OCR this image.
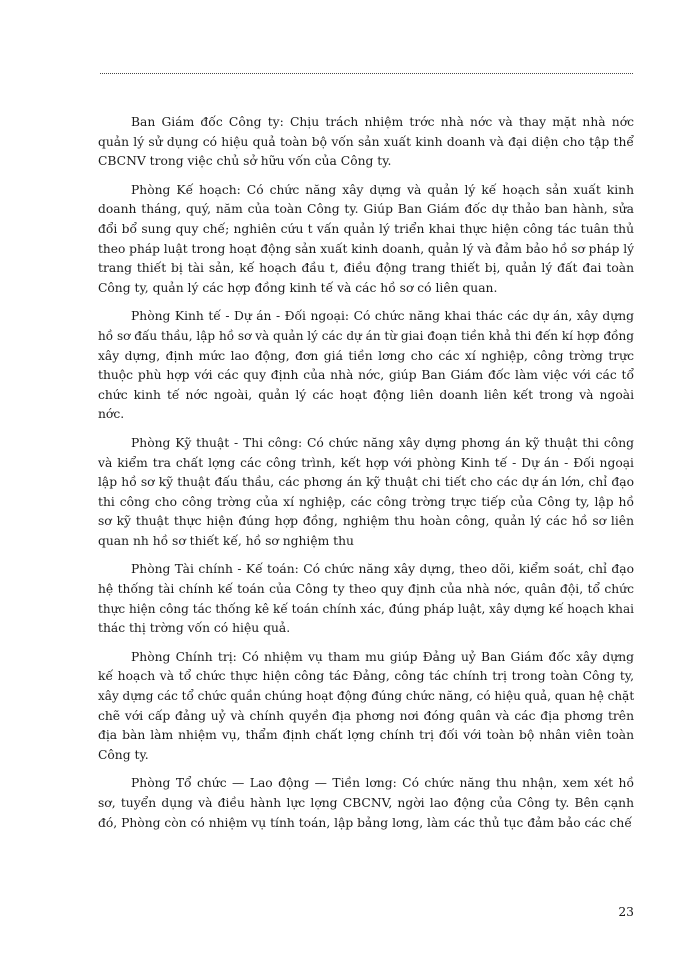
Ban Giám đốc Công ty: Chịu trách nhiệm trớc nhà nớc và thay mặt nhà nớc
quản lý sử dụng có hiệu quả toàn bộ vốn sản xuất kinh doanh và đại diện cho tập thể
CBCNV trong việc chủ sở hữu vốn của Công ty.

Phòng Kế hoạch: Có chức năng xây dựng và quản lý kế hoạch sản xuất kinh
doanh tháng, quý, năm của toàn Công ty. Giúp Ban Giám đốc dự thảo ban hành, sửa
đổi bổ sung quy chế; nghiên cứu t vấn quản lý triển khai thực hiện công tác tuân thủ
theo pháp luật trong hoạt động sản xuất kinh doanh, quản lý và đảm bảo hồ sơ pháp lý
trang thiết bị tài sản, kế hoạch đầu t, điều động trang thiết bị, quản lý đất đai toàn
Công ty, quản lý các hợp đồng kinh tế và các hồ sơ có liên quan.

Phòng Kinh tế - Dự án - Đối ngoại: Có chức năng khai thác các dự án, xây dựng
hồ sơ đấu thầu, lập hồ sơ và quản lý các dự án từ giai đoạn tiền khả thi đến kí hợp đồng
xây dựng, định mức lao động, đơn giá tiền lơng cho các xí nghiệp, công trờng trực
thuộc phù hợp với các quy định của nhà nớc, giúp Ban Giám đốc làm việc với các tổ
chức kinh tế nớc ngoài, quản lý các hoạt động liên doanh liên kết trong và ngoài
nớc.

Phòng Kỹ thuật - Thi công: Có chức năng xây dựng phơng án kỹ thuật thi công
và kiểm tra chất lợng các công trình, kết hợp với phòng Kinh tế - Dự án - Đối ngoại
lập hồ sơ kỹ thuật đấu thầu, các phơng án kỹ thuật chi tiết cho các dự án lớn, chỉ đạo
thi công cho công trờng của xí nghiệp, các công trờng trực tiếp của Công ty, lập hồ
sơ kỹ thuật thực hiện đúng hợp đồng, nghiệm thu hoàn công, quản lý các hồ sơ liên
quan nh hồ sơ thiết kế, hồ sơ nghiệm thu

Phòng Tài chính - Kế toán: Có chức năng xây dựng, theo dõi, kiểm soát, chỉ đạo
hệ thống tài chính kế toán của Công ty theo quy định của nhà nớc, quân đội, tổ chức
thực hiện công tác thống kê kế toán chính xác, đúng pháp luật, xây dựng kế hoạch khai
thác thị trờng vốn có hiệu quả.

Phòng Chính trị: Có nhiệm vụ tham mu giúp Đảng uỷ Ban Giám đốc xây dựng
kế hoạch và tổ chức thực hiện công tác Đảng, công tác chính trị trong toàn Công ty,
xây dựng các tổ chức quần chúng hoạt động đúng chức năng, có hiệu quả, quan hệ chặt
chẽ với cấp đảng uỷ và chính quyền địa phơng nơi đóng quân và các địa phơng trên
địa bàn làm nhiệm vụ, thẩm định chất lợng chính trị đối với toàn bộ nhân viên toàn
Công ty.

Phòng Tổ chức — Lao động — Tiền lơng: Có chức năng thu nhận, xem xét hồ
sơ, tuyển dụng và điều hành lực lợng CBCNV, ngời lao động của Công ty. Bên cạnh
đó, Phòng còn có nhiệm vụ tính toán, lập bảng lơng, làm các thủ tục đảm bảo các chế

23
